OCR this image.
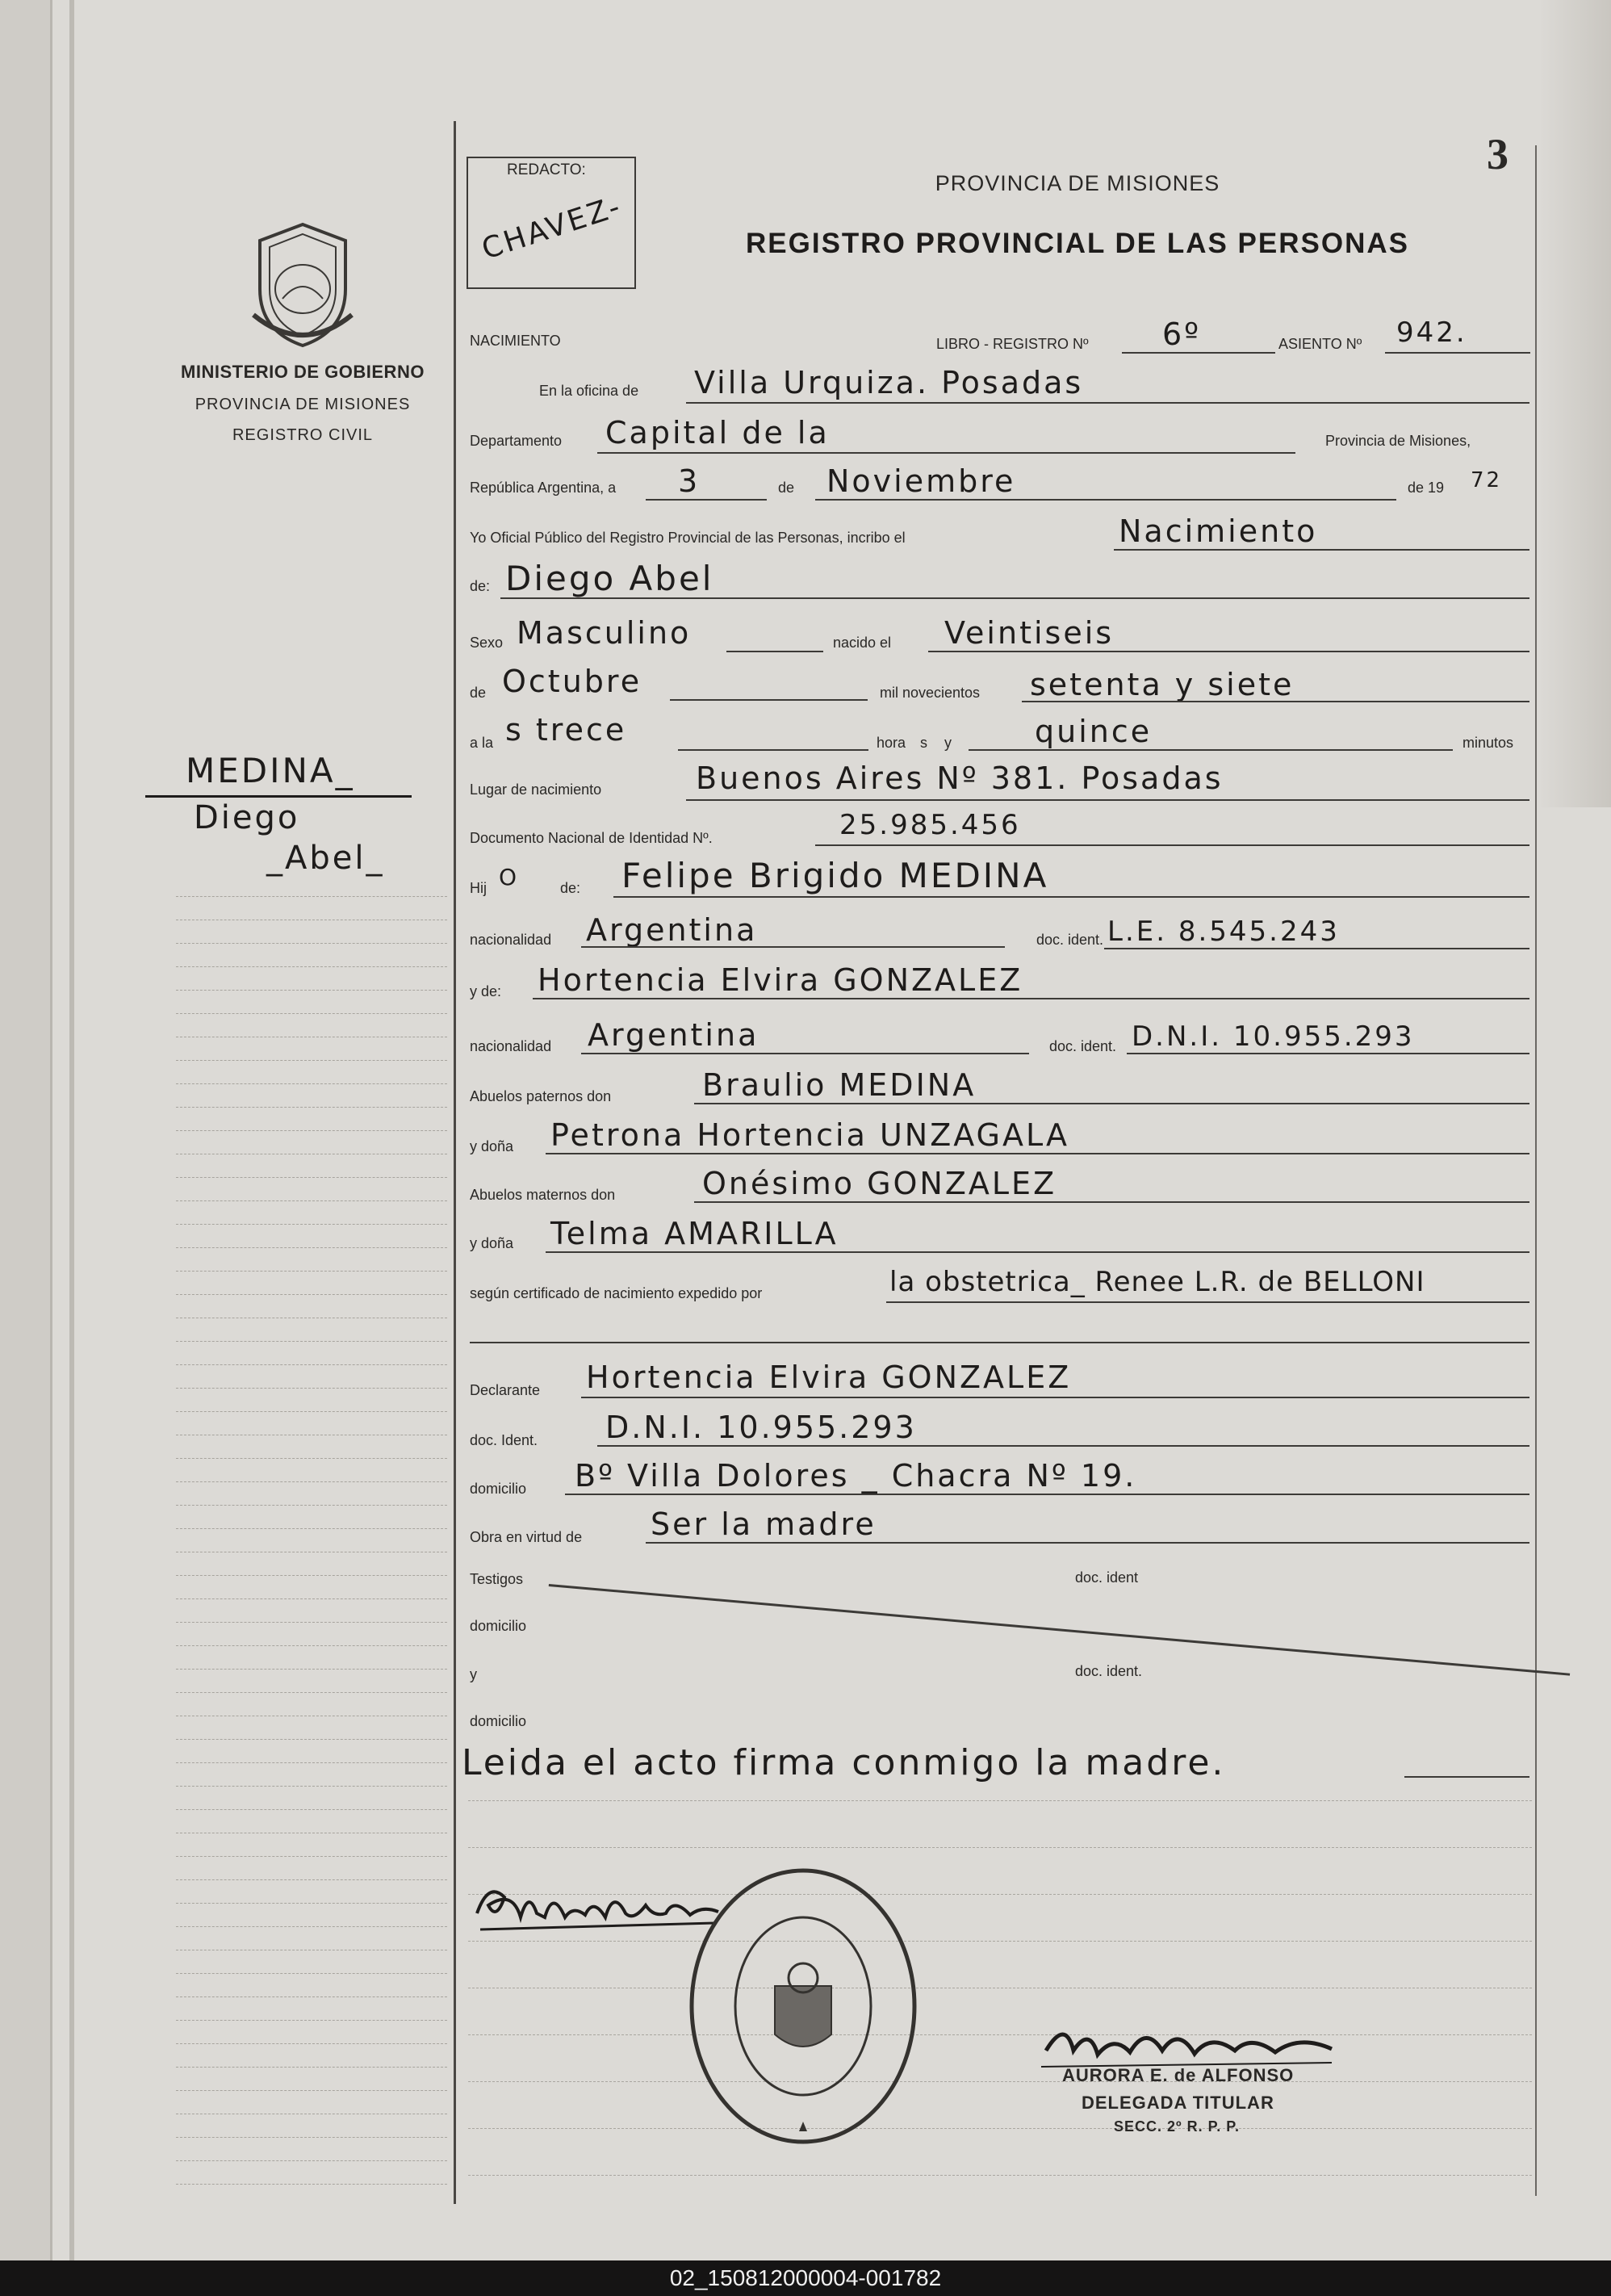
MINISTERIO DE GOBIERNO
PROVINCIA DE MISIONES
REGISTRO CIVIL
MEDINA_
Diego
_Abel_
REDACTO:
CHAVEZ-
3
PROVINCIA DE MISIONES
REGISTRO PROVINCIAL DE LAS PERSONAS
NACIMIENTO	LIBRO - REGISTRO Nº 6º	ASIENTO Nº 942.
En la oficina de Villa Urquiza. Posadas
Departamento Capital de la	Provincia de Misiones,
República Argentina, a 3	de Noviembre	de 19 72
Yo Oficial Público del Registro Provincial de las Personas, incribo el	Nacimiento
de: Diego Abel
Sexo Masculino	nacido el Veintiseis
de Octubre	mil novecientos setenta y siete
a la s trece	hora s y	quince	minutos
Lugar de nacimiento	Buenos Aires Nº 381. Posadas
Documento Nacional de Identidad Nº.	25.985.456
Hij O	de: Felipe Brigido MEDINA
nacionalidad Argentina	doc. ident. L.E. 8.545.243
y de: Hortencia Elvira GONZALEZ
nacionalidad Argentina	doc. ident. D.N.I. 10.955.293
Abuelos paternos don	Braulio MEDINA
y doña Petrona Hortencia UNZAGALA
Abuelos maternos don	Onésimo GONZALEZ
y doña Telma AMARILLA
según certificado de nacimiento expedido por	la obstetrica_ Renee L.R. de BELLONI
Declarante Hortencia Elvira GONZALEZ
doc. Ident. D.N.I. 10.955.293
domicilio Bº Villa Dolores _ Chacra Nº 19.
Obra en virtud de Ser la madre
Testigos	doc. ident
domicilio
y	doc. ident.
domicilio
Leida el acto firma conmigo la madre.
AURORA E. de ALFONSO
DELEGADA TITULAR
SECC. 2º R. P. P.
02_150812000004-001782
